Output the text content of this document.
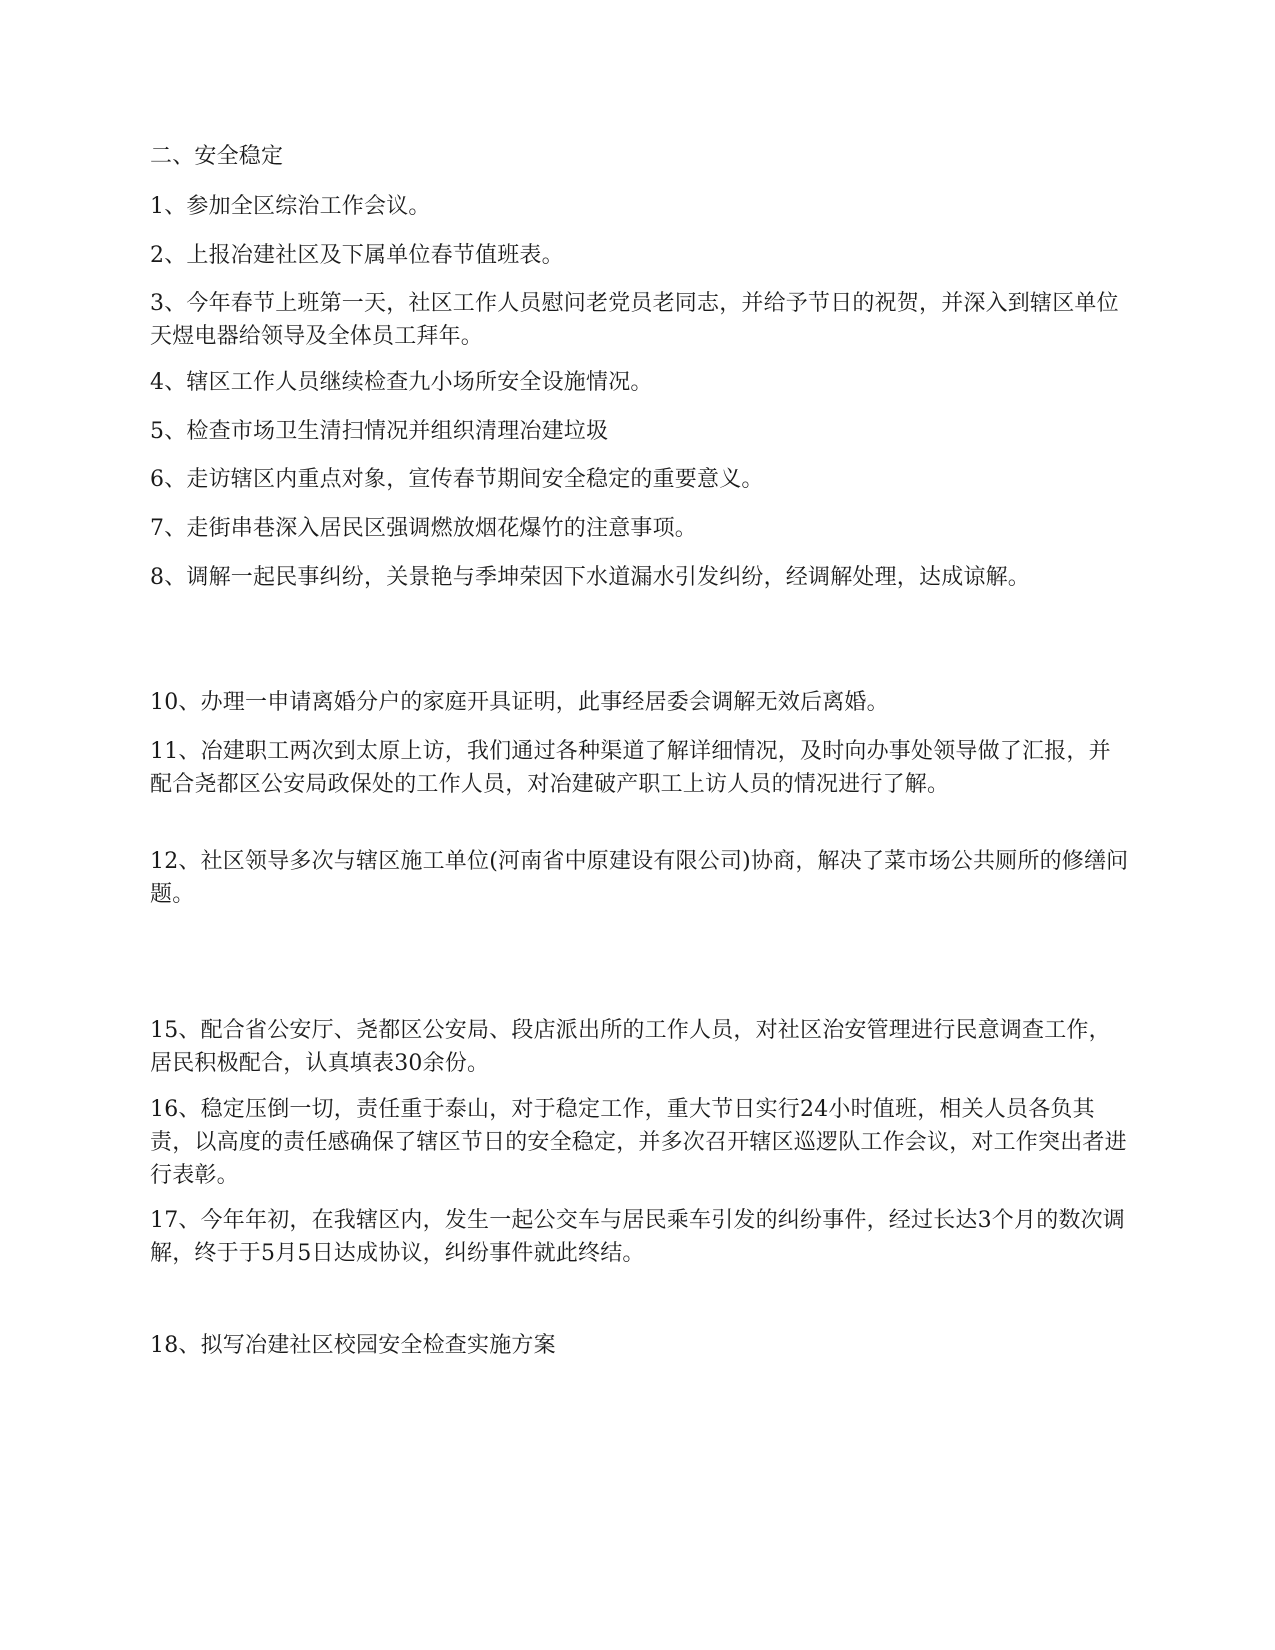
二、安全稳定

1、参加全区综治工作会议。

2、上报冶建社区及下属单位春节值班表。

3、今年春节上班第一天，社区工作人员慰问老党员老同志，并给予节日的祝贺，并深入到辖区单位天煜电器给领导及全体员工拜年。

4、辖区工作人员继续检查九小场所安全设施情况。

5、检查市场卫生清扫情况并组织清理冶建垃圾

6、走访辖区内重点对象，宣传春节期间安全稳定的重要意义。

7、走街串巷深入居民区强调燃放烟花爆竹的注意事项。

8、调解一起民事纠纷，关景艳与季坤荣因下水道漏水引发纠纷，经调解处理，达成谅解。

10、办理一申请离婚分户的家庭开具证明，此事经居委会调解无效后离婚。

11、冶建职工两次到太原上访，我们通过各种渠道了解详细情况，及时向办事处领导做了汇报，并配合尧都区公安局政保处的工作人员，对冶建破产职工上访人员的情况进行了解。

12、社区领导多次与辖区施工单位(河南省中原建设有限公司)协商，解决了菜市场公共厕所的修缮问题。

15、配合省公安厅、尧都区公安局、段店派出所的工作人员，对社区治安管理进行民意调查工作，居民积极配合，认真填表30余份。

16、稳定压倒一切，责任重于泰山，对于稳定工作，重大节日实行24小时值班，相关人员各负其责，以高度的责任感确保了辖区节日的安全稳定，并多次召开辖区巡逻队工作会议，对工作突出者进行表彰。

17、今年年初，在我辖区内，发生一起公交车与居民乘车引发的纠纷事件，经过长达3个月的数次调解，终于于5月5日达成协议，纠纷事件就此终结。

18、拟写冶建社区校园安全检查实施方案
